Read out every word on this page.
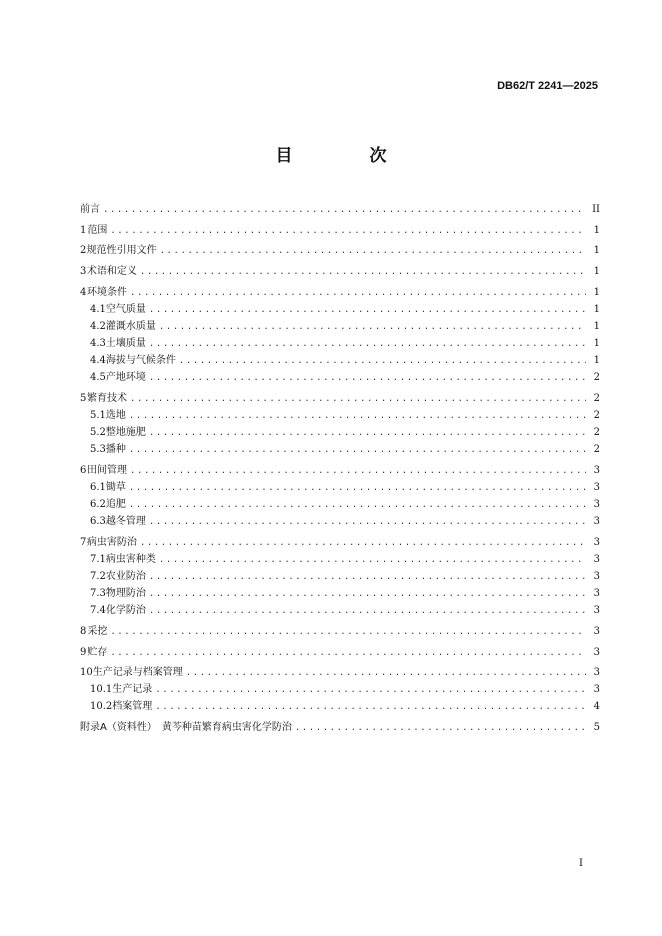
DB62/T 2241—2025
目　次
前言 .....	II
1 范围 .....	1
2 规范性引用文件 .....	1
3 术语和定义 .....	1
4 环境条件 .....	1
4.1 空气质量 .....	1
4.2 灌溉水质量 .....	1
4.3 土壤质量 .....	1
4.4 海拔与气候条件 .....	1
4.5 产地环境 .....	2
5 繁育技术 .....	2
5.1 选地 .....	2
5.2 整地施肥 .....	2
5.3 播种 .....	2
6 田间管理 .....	3
6.1 锄草 .....	3
6.2 追肥 .....	3
6.3 越冬管理 .....	3
7 病虫害防治 .....	3
7.1 病虫害种类 .....	3
7.2 农业防治 .....	3
7.3 物理防治 .....	3
7.4 化学防治 .....	3
8 采挖 .....	3
9 贮存 .....	3
10 生产记录与档案管理 .....	3
10.1 生产记录 .....	3
10.2 档案管理 .....	4
附录A（资料性）　黄芩种苗繁育病虫害化学防治 .....	5
I
